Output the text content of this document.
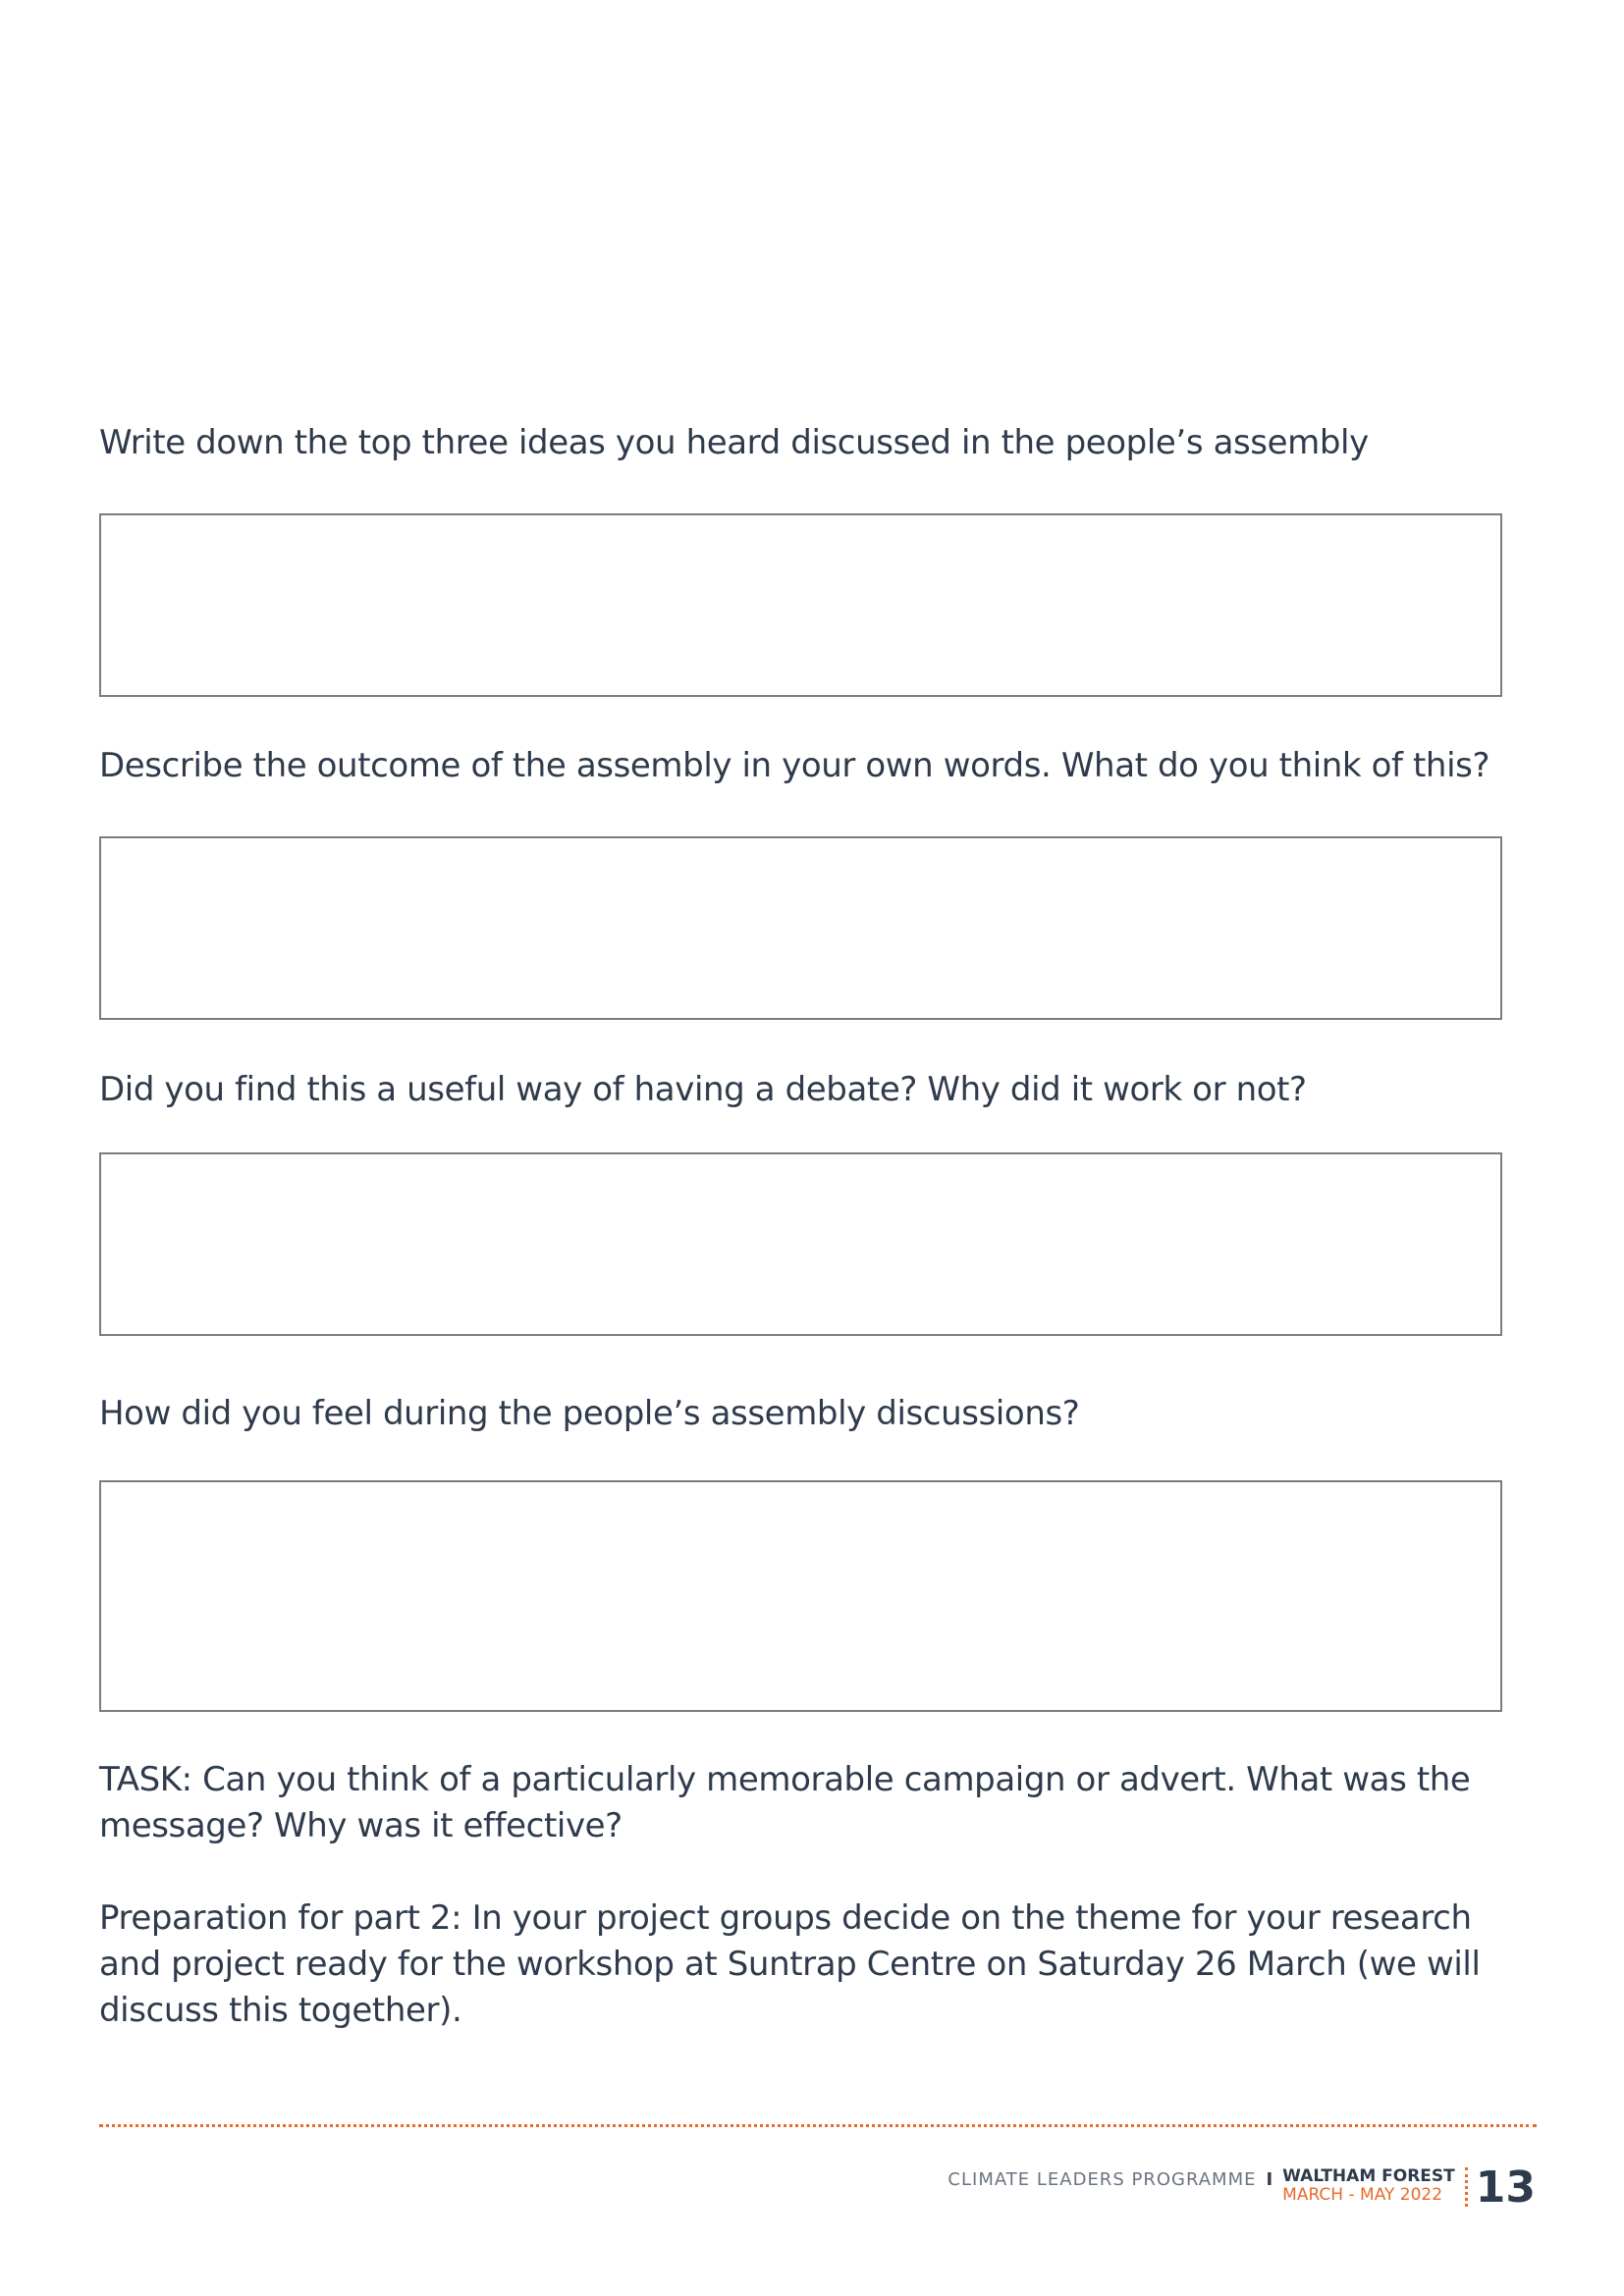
Write down the top three ideas you heard discussed in the people’s assembly
Describe the outcome of the assembly in your own words. What do you think of this?
Did you find this a useful way of having a debate? Why did it work or not?
How did you feel during the people’s assembly discussions?
TASK: Can you think of a particularly memorable campaign or advert. What was the message? Why was it effective?
Preparation for part 2: In your project groups decide on the theme for your research and project ready for the workshop at Suntrap Centre on Saturday 26 March (we will discuss this together).
CLIMATE LEADERS PROGRAMME I WALTHAM FOREST
MARCH - MAY 2022 13
